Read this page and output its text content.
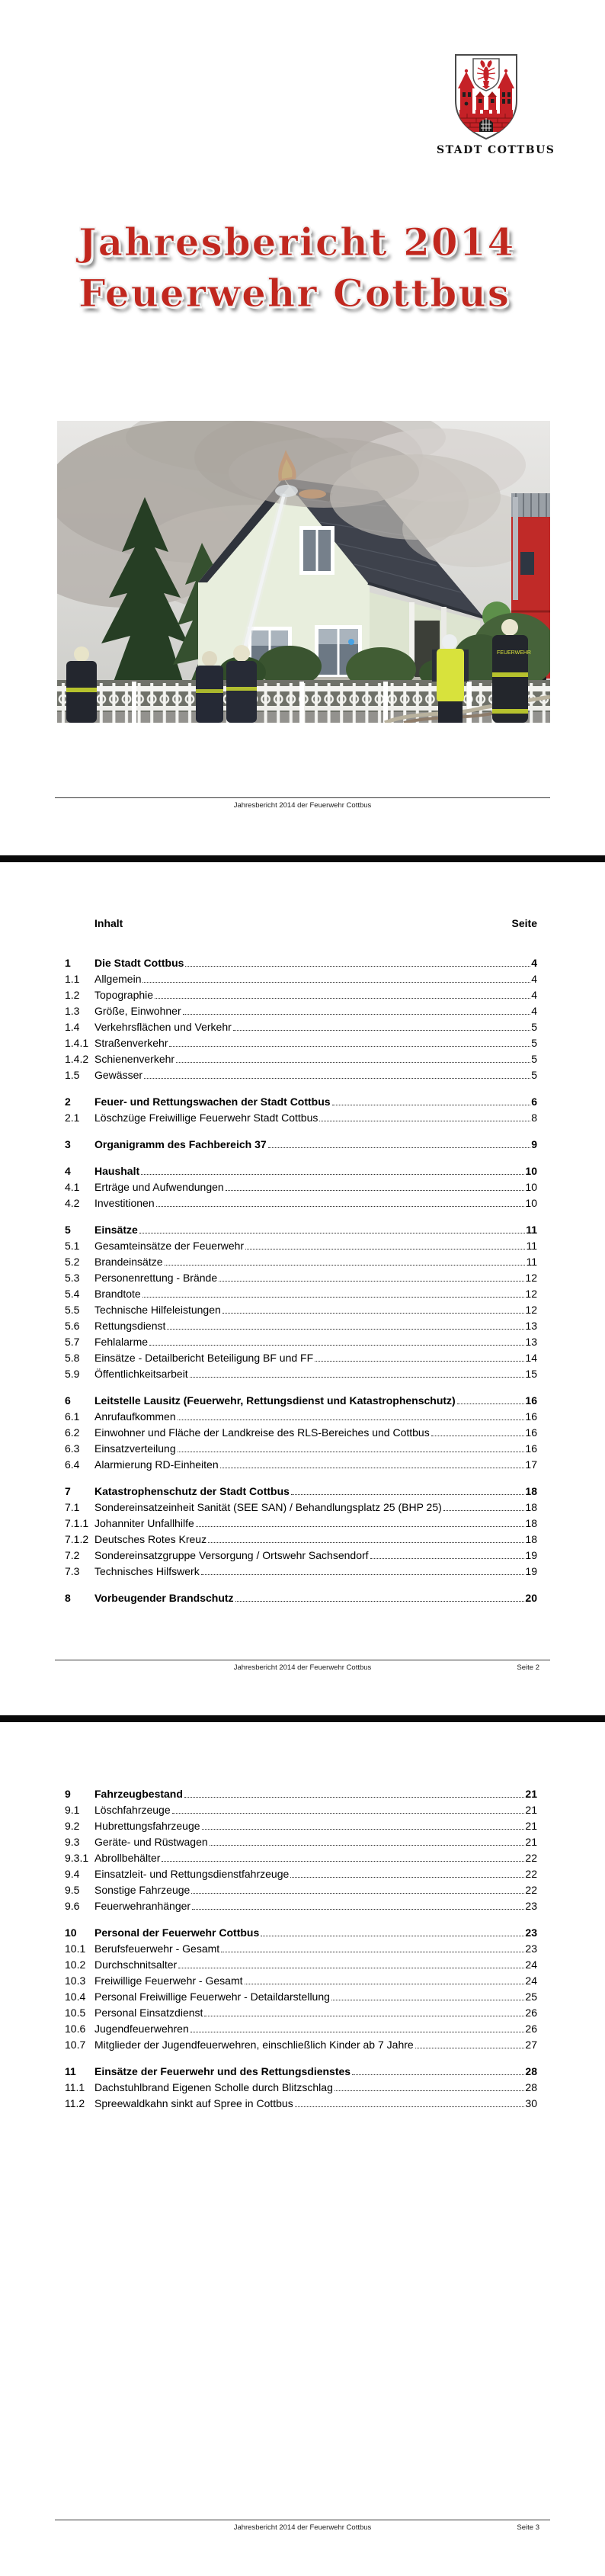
STADT COTTBUS
Jahresbericht 2014
Feuerwehr Cottbus
FEUERWEHR
Jahresbericht 2014 der Feuerwehr Cottbus
Inhalt	Seite
1	Die Stadt Cottbus	4
1.1	Allgemein	4
1.2	Topographie	4
1.3	Größe, Einwohner	4
1.4	Verkehrsflächen und Verkehr	5
1.4.1 Straßenverkehr	5
1.4.2 Schienenverkehr	5
1.5	Gewässer	5
2	Feuer- und Rettungswachen der Stadt Cottbus	6
2.1	Löschzüge Freiwillige Feuerwehr Stadt Cottbus	8
3	Organigramm des Fachbereich 37	9
4	Haushalt	10
4.1	Erträge und Aufwendungen	10
4.2	Investitionen	10
5	Einsätze	11
5.1	Gesamteinsätze der Feuerwehr	11
5.2	Brandeinsätze	11
5.3	Personenrettung - Brände	12
5.4	Brandtote	12
5.5	Technische Hilfeleistungen	12
5.6	Rettungsdienst	13
5.7	Fehlalarme	13
5.8	Einsätze - Detailbericht Beteiligung BF und FF	14
5.9	Öffentlichkeitsarbeit	15
6	Leitstelle Lausitz (Feuerwehr, Rettungsdienst und Katastrophenschutz)	16
6.1	Anrufaufkommen	16
6.2	Einwohner und Fläche der Landkreise des RLS-Bereiches und Cottbus	16
6.3	Einsatzverteilung	16
6.4	Alarmierung RD-Einheiten	17
7	Katastrophenschutz der Stadt Cottbus	18
7.1	Sondereinsatzeinheit Sanität (SEE SAN) / Behandlungsplatz 25 (BHP 25)	18
7.1.1 Johanniter Unfallhilfe	18
7.1.2 Deutsches Rotes Kreuz	18
7.2	Sondereinsatzgruppe Versorgung / Ortswehr Sachsendorf	19
7.3	Technisches Hilfswerk	19
8	Vorbeugender Brandschutz	20
Jahresbericht 2014 der Feuerwehr Cottbus	Seite 2
9	Fahrzeugbestand	21
9.1	Löschfahrzeuge	21
9.2	Hubrettungsfahrzeuge	21
9.3	Geräte- und Rüstwagen	21
9.3.1 Abrollbehälter	22
9.4	Einsatzleit- und Rettungsdienstfahrzeuge	22
9.5	Sonstige Fahrzeuge	22
9.6	Feuerwehranhänger	23
10	Personal der Feuerwehr Cottbus	23
10.1 Berufsfeuerwehr - Gesamt	23
10.2 Durchschnitsalter	24
10.3 Freiwillige Feuerwehr - Gesamt	24
10.4 Personal Freiwillige Feuerwehr - Detaildarstellung	25
10.5 Personal Einsatzdienst	26
10.6 Jugendfeuerwehren	26
10.7 Mitglieder der Jugendfeuerwehren, einschließlich Kinder ab 7 Jahre	27
11	Einsätze der Feuerwehr und des Rettungsdienstes	28
11.1 Dachstuhlbrand Eigenen Scholle durch Blitzschlag	28
11.2 Spreewaldkahn sinkt auf Spree in Cottbus	30
Jahresbericht 2014 der Feuerwehr Cottbus	Seite 3
